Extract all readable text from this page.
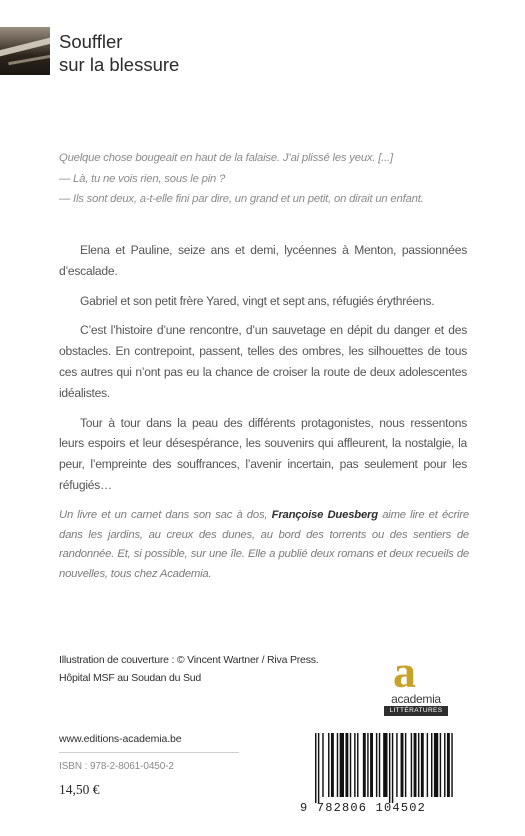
Souffler
sur la blessure

Quelque chose bougeait en haut de la falaise. J’ai plissé les yeux. [...]

— Là, tu ne vois rien, sous le pin ?

— Ils sont deux, a-t-elle fini par dire, un grand et un petit, on dirait un enfant.

Elena et Pauline, seize ans et demi, lycéennes à Menton, passionnées d’escalade.

Gabriel et son petit frère Yared, vingt et sept ans, réfugiés érythréens.

C’est l’histoire d’une rencontre, d’un sauvetage en dépit du danger et des obstacles. En contrepoint, passent, telles des ombres, les silhouettes de tous ces autres qui n’ont pas eu la chance de croiser la route de deux adolescentes idéalistes.

Tour à tour dans la peau des différents protagonistes, nous ressentons leurs espoirs et leur désespérance, les souvenirs qui affleurent, la nostalgie, la peur, l’empreinte des souffrances, l’avenir incertain, pas seulement pour les réfugiés…

Un livre et un carnet dans son sac à dos, Françoise Duesberg aime lire et écrire dans les jardins, au creux des dunes, au bord des torrents ou des sentiers de randonnée. Et, si possible, sur une île. Elle a publié deux romans et deux recueils de nouvelles, tous chez Academia.
Illustration de couverture : © Vincent Wartner / Riva Press.
Hôpital MSF au Soudan du Sud	a
academia
LITTÉRATURES
www.editions-academia.be
ISBN : 978-2-8061-0450-2
14,50 €
9 782806 104502
